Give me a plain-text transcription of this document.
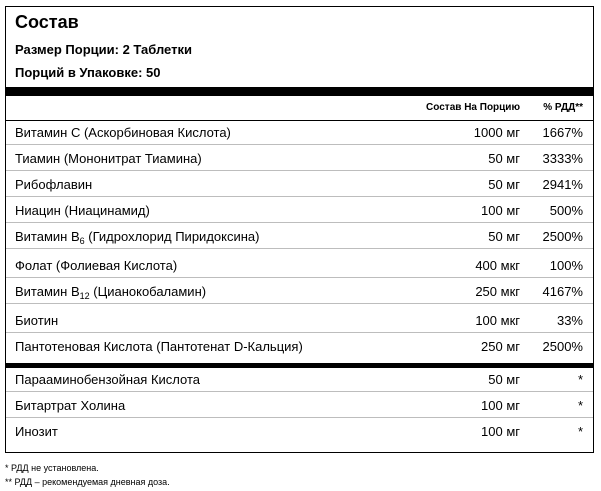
Состав
Размер Порции: 2 Таблетки
Порций в Упаковке: 50
Состав На Порцию % РДД**
Витамин С (Аскорбиновая Кислота)	1000 мг 1667%
Тиамин (Мононитрат Тиамина)	50 мг 3333%
Рибофлавин	50 мг 2941%
Ниацин (Ниацинамид)	100 мг 500%
Витамин $B_6$ (Гидрохлорид Пиридоксина)	50 мг 2500%
Фолат (Фолиевая Кислота)	400 мкг 100%
Витамин $B_{12}$ (Цианокобаламин)	250 мкг 4167%
Биотин	100 мкг	33%
Пантотеновая Кислота (Пантотенат D-Кальция)	250 мг 2500%
Парааминобензойная Кислота	50 мг	*
Битартрат Холина	100 мг	*
Инозит	100 мг	*
* РДД не установлена.
** РДД – рекомендуемая дневная доза.
